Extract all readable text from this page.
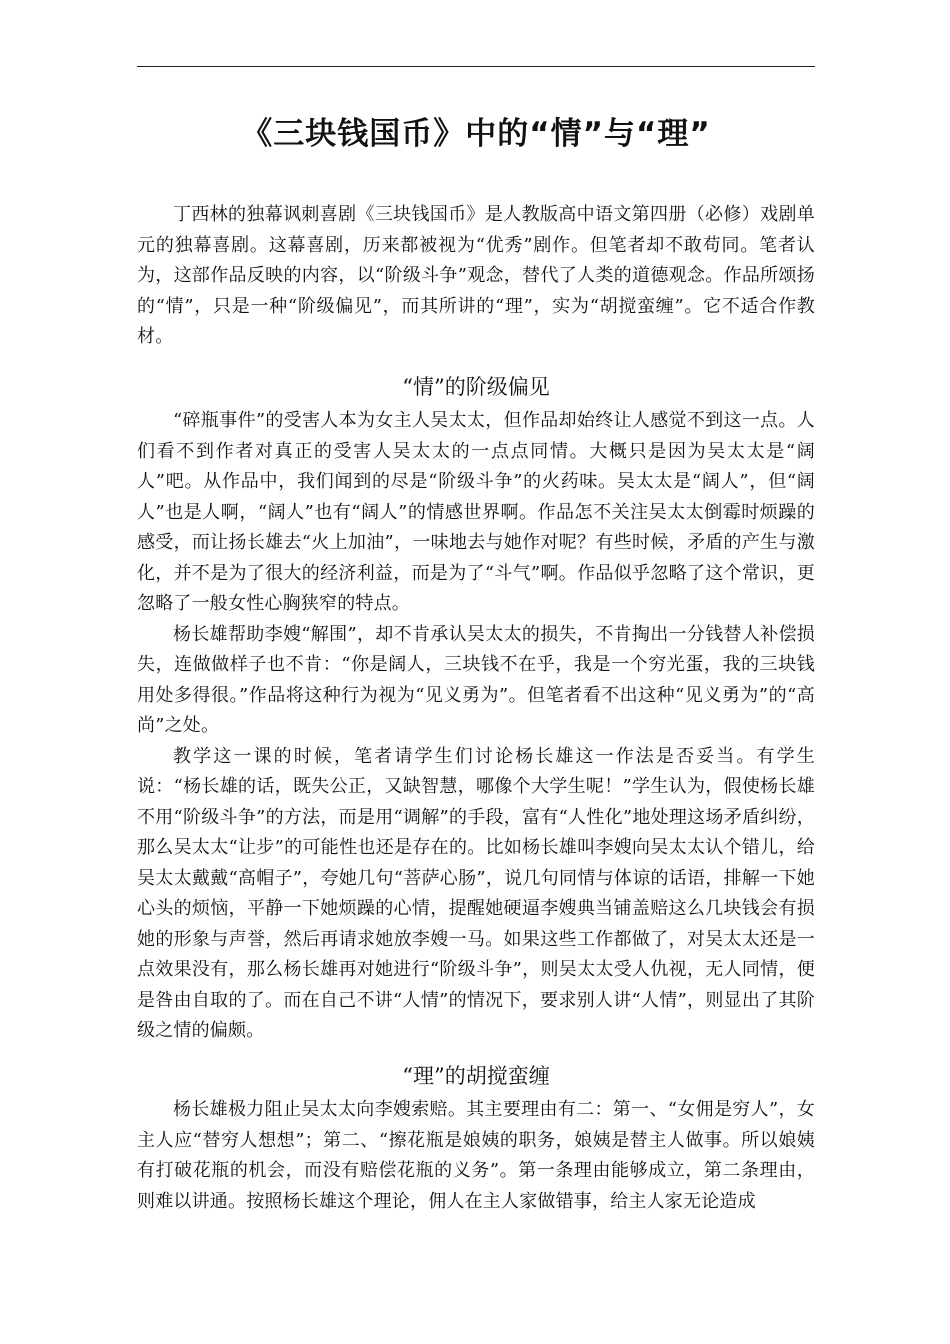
《三块钱国币》中的“情”与“理”

丁西林的独幕讽刺喜剧《三块钱国币》是人教版高中语文第四册（必修）戏剧单元的独幕喜剧。这幕喜剧，历来都被视为“优秀”剧作。但笔者却不敢苟同。笔者认为，这部作品反映的内容，以“阶级斗争”观念，替代了人类的道德观念。作品所颂扬的“情”，只是一种“阶级偏见”，而其所讲的“理”，实为“胡搅蛮缠”。它不适合作教材。

“情”的阶级偏见

“碎瓶事件”的受害人本为女主人吴太太，但作品却始终让人感觉不到这一点。人们看不到作者对真正的受害人吴太太的一点点同情。大概只是因为吴太太是“阔人”吧。从作品中，我们闻到的尽是“阶级斗争”的火药味。吴太太是“阔人”，但“阔人”也是人啊，“阔人”也有“阔人”的情感世界啊。作品怎不关注吴太太倒霉时烦躁的感受，而让扬长雄去“火上加油”，一味地去与她作对呢？有些时候，矛盾的产生与激化，并不是为了很大的经济利益，而是为了“斗气”啊。作品似乎忽略了这个常识，更忽略了一般女性心胸狭窄的特点。

杨长雄帮助李嫂“解围”，却不肯承认吴太太的损失，不肯掏出一分钱替人补偿损失，连做做样子也不肯：“你是阔人，三块钱不在乎，我是一个穷光蛋，我的三块钱用处多得很。”作品将这种行为视为“见义勇为”。但笔者看不出这种“见义勇为”的“高尚”之处。

教学这一课的时候，笔者请学生们讨论杨长雄这一作法是否妥当。有学生说：“杨长雄的话，既失公正，又缺智慧，哪像个大学生呢！”学生认为，假使杨长雄不用“阶级斗争”的方法，而是用“调解”的手段，富有“人性化”地处理这场矛盾纠纷，那么吴太太“让步”的可能性也还是存在的。比如杨长雄叫李嫂向吴太太认个错儿，给吴太太戴戴“高帽子”，夸她几句“菩萨心肠”，说几句同情与体谅的话语，排解一下她心头的烦恼，平静一下她烦躁的心情，提醒她硬逼李嫂典当铺盖赔这么几块钱会有损她的形象与声誉，然后再请求她放李嫂一马。如果这些工作都做了，对吴太太还是一点效果没有，那么杨长雄再对她进行“阶级斗争”，则吴太太受人仇视，无人同情，便是咎由自取的了。而在自己不讲“人情”的情况下，要求别人讲“人情”，则显出了其阶级之情的偏颇。

“理”的胡搅蛮缠

杨长雄极力阻止吴太太向李嫂索赔。其主要理由有二：第一、“女佣是穷人”，女主人应“替穷人想想”；第二、“擦花瓶是娘姨的职务，娘姨是替主人做事。所以娘姨有打破花瓶的机会，而没有赔偿花瓶的义务”。第一条理由能够成立，第二条理由，则难以讲通。按照杨长雄这个理论，佣人在主人家做错事，给主人家无论造成
